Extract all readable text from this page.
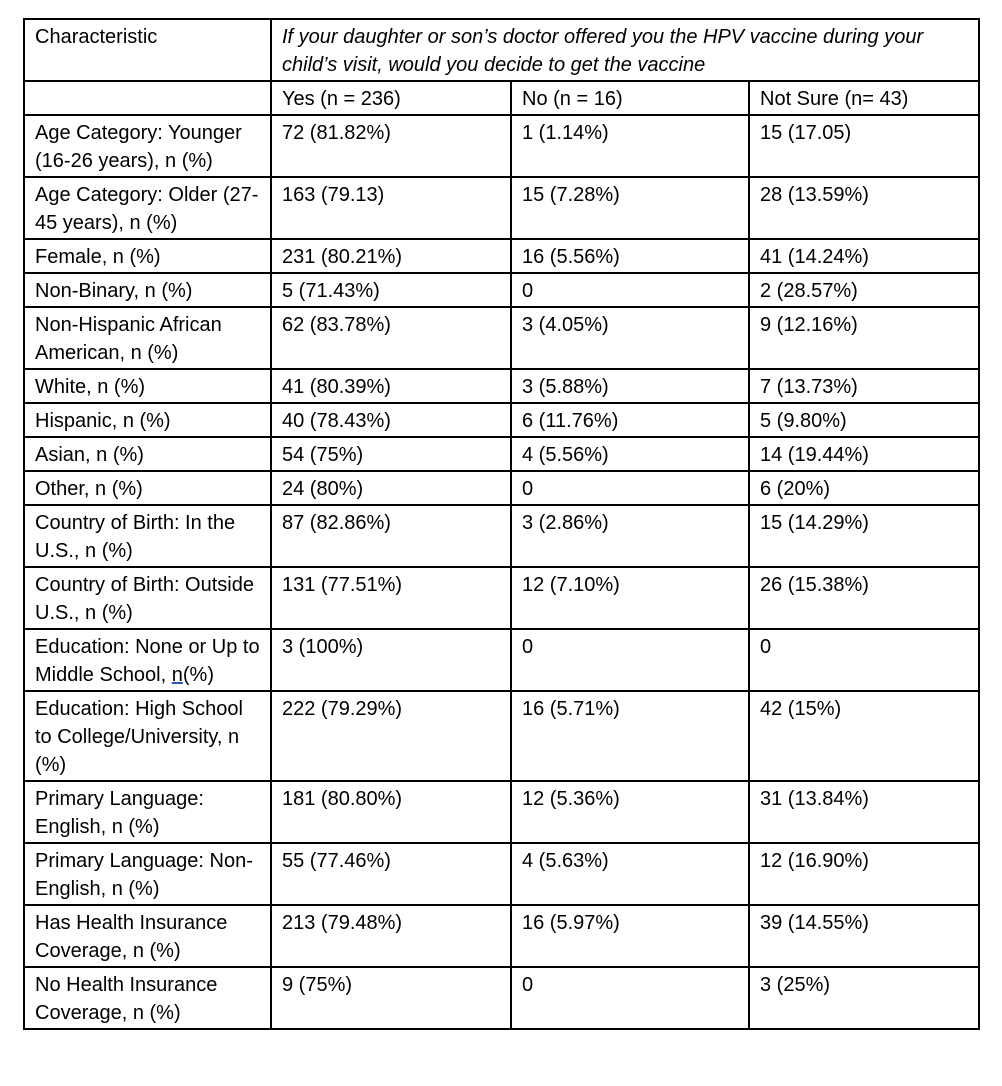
Characteristic	If your daughter or son’s doctor offered you the HPV vaccine during your child’s visit, would you decide to get the vaccine		
	Yes (n = 236)	No (n = 16)	Not Sure (n= 43)
Age Category: Younger (16-26 years), n (%)	72 (81.82%)	1 (1.14%)	15 (17.05)
Age Category: Older (27-45 years), n (%)	163 (79.13)	15 (7.28%)	28 (13.59%)
Female, n (%)	231 (80.21%)	16 (5.56%)	41 (14.24%)
Non-Binary, n (%)	5 (71.43%)	0	2 (28.57%)
Non-Hispanic African American, n (%)	62 (83.78%)	3 (4.05%)	9 (12.16%)
White, n (%)	41 (80.39%)	3 (5.88%)	7 (13.73%)
Hispanic, n (%)	40 (78.43%)	6 (11.76%)	5 (9.80%)
Asian, n (%)	54 (75%)	4 (5.56%)	14 (19.44%)
Other, n (%)	24 (80%)	0	6 (20%)
Country of Birth: In the U.S., n (%)	87 (82.86%)	3 (2.86%)	15 (14.29%)
Country of Birth: Outside U.S., n (%)	131 (77.51%)	12 (7.10%)	26 (15.38%)
Education: None or Up to Middle School, n(%)	3 (100%)	0	0
Education: High School to College/University, n (%)	222 (79.29%)	16 (5.71%)	42 (15%)
Primary Language: English, n (%)	181 (80.80%)	12 (5.36%)	31 (13.84%)
Primary Language: Non-English, n (%)	55 (77.46%)	4 (5.63%)	12 (16.90%)
Has Health Insurance Coverage, n (%)	213 (79.48%)	16 (5.97%)	39 (14.55%)
No Health Insurance Coverage, n (%)	9 (75%)	0	3 (25%)
